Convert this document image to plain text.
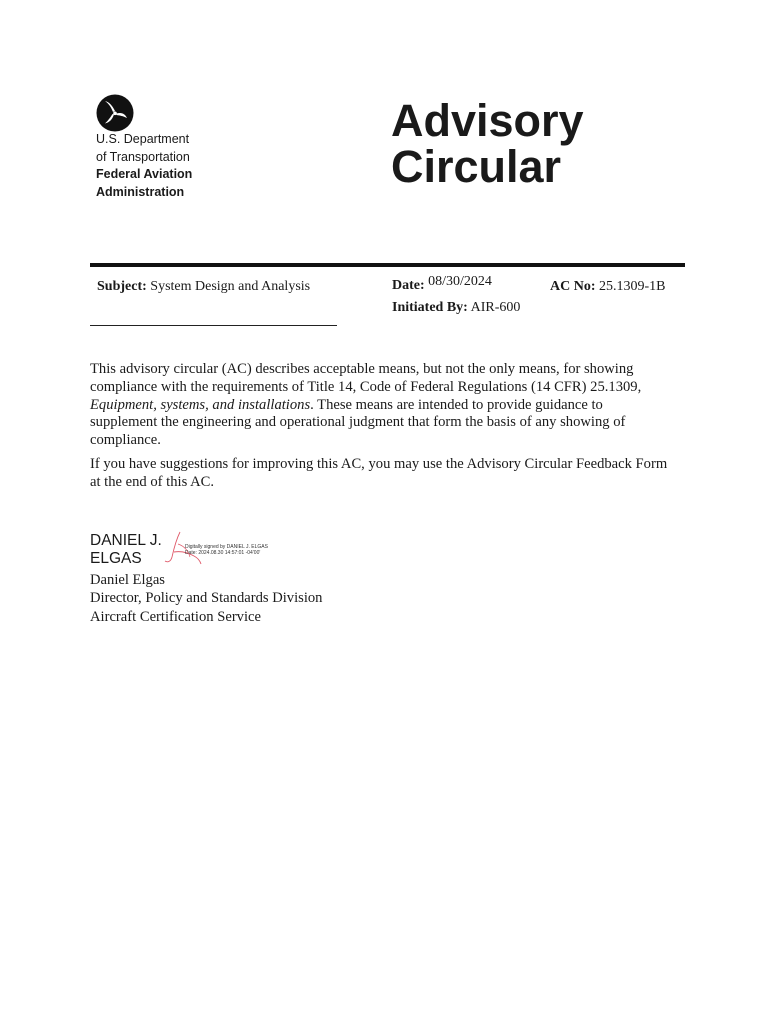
U.S. Department
of Transportation
Federal Aviation
Administration
Advisory
Circular
Subject: System Design and Analysis	Date: 08/30/2024	AC No: 25.1309-1B
Initiated By: AIR-600

This advisory circular (AC) describes acceptable means, but not the only means, for showing compliance with the requirements of Title 14, Code of Federal Regulations (14 CFR) 25.1309, Equipment, systems, and installations. These means are intended to provide guidance to supplement the engineering and operational judgment that form the basis of any showing of compliance.

If you have suggestions for improving this AC, you may use the Advisory Circular Feedback Form at the end of this AC.

DANIEL J.
ELGAS
Digitally signed by DANIEL J. ELGAS
Date: 2024.08.30 14:57:01 -04'00'
Daniel Elgas
Director, Policy and Standards Division
Aircraft Certification Service
